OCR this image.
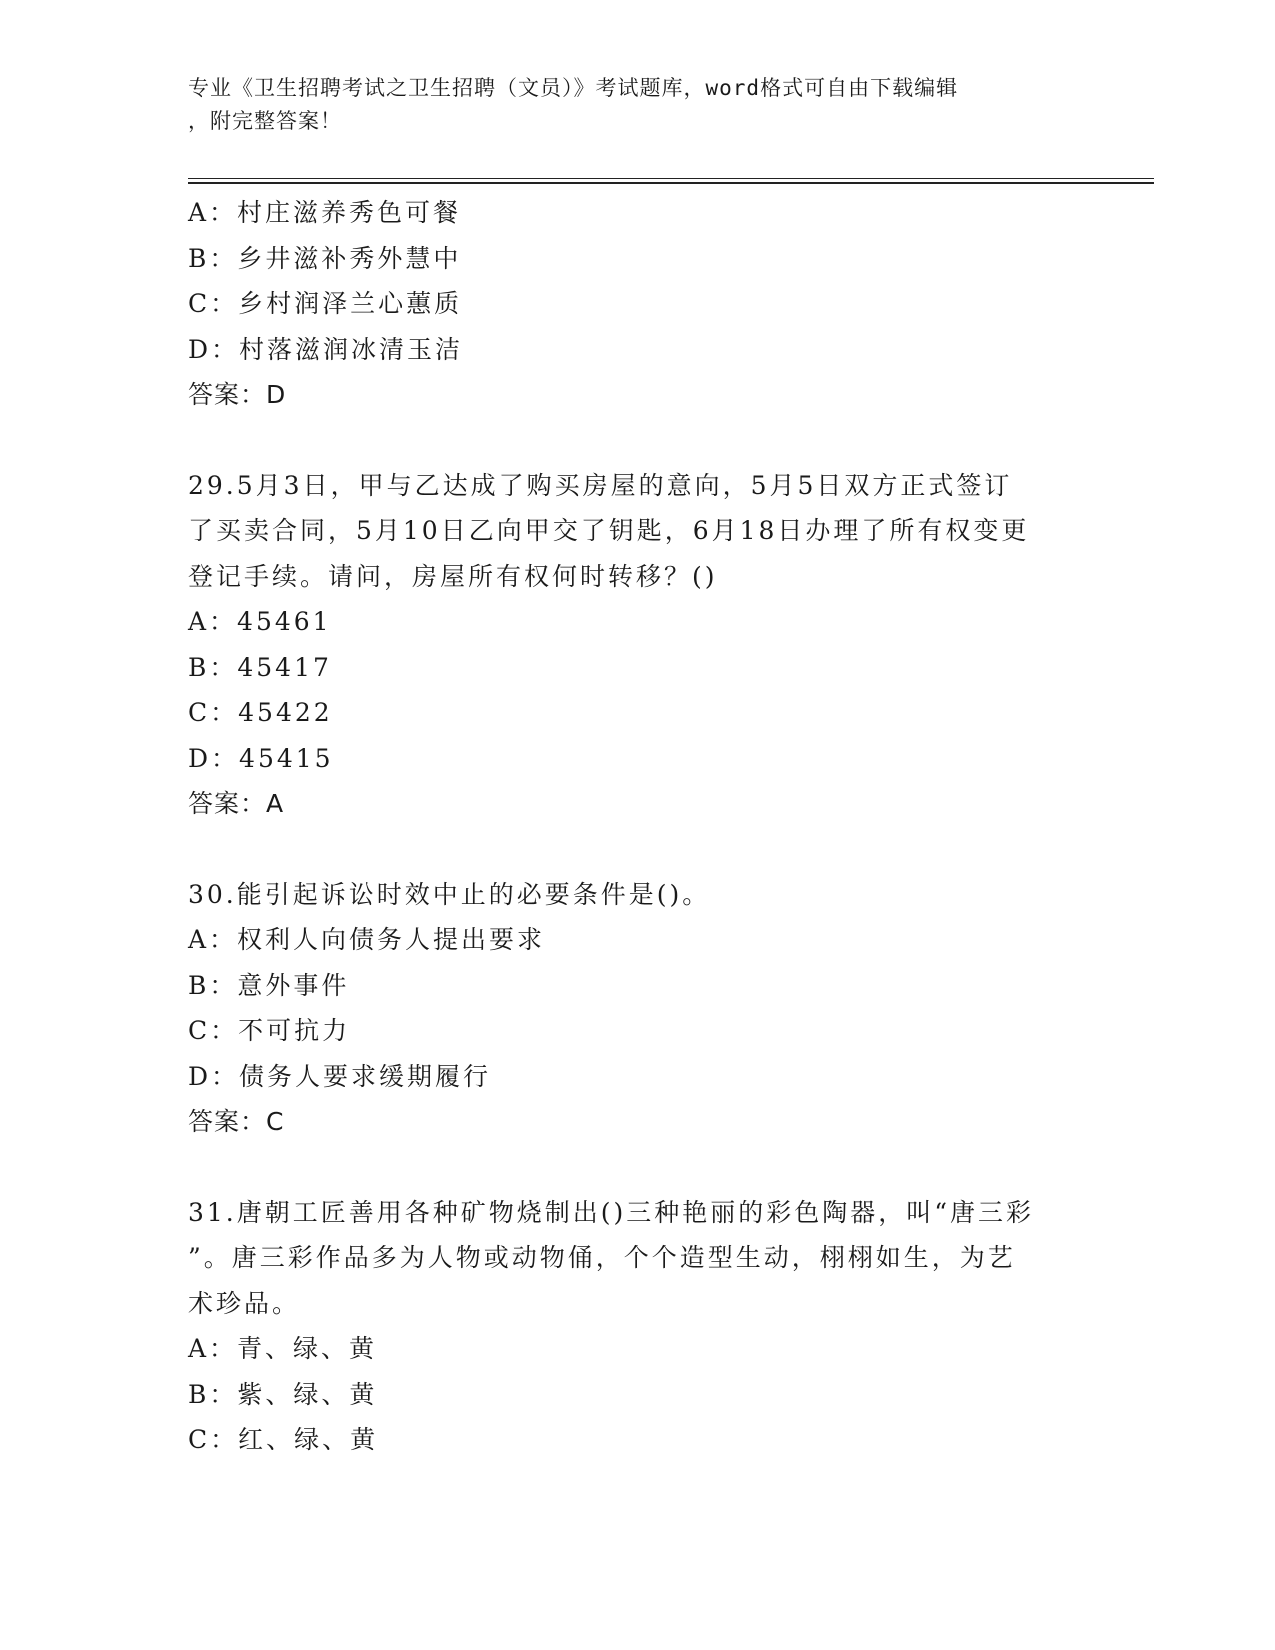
专业《卫生招聘考试之卫生招聘（文员）》考试题库，word格式可自由下载编辑
，附完整答案！
A：村庄滋养秀色可餐
B：乡井滋补秀外慧中
C：乡村润泽兰心蕙质
D：村落滋润冰清玉洁
答案：D
29.5月3日，甲与乙达成了购买房屋的意向，5月5日双方正式签订
了买卖合同，5月10日乙向甲交了钥匙，6月18日办理了所有权变更
登记手续。请问，房屋所有权何时转移？()
A：45461
B：45417
C：45422
D：45415
答案：A
30.能引起诉讼时效中止的必要条件是()。
A：权利人向债务人提出要求
B：意外事件
C：不可抗力
D：债务人要求缓期履行
答案：C
31.唐朝工匠善用各种矿物烧制出()三种艳丽的彩色陶器，叫“唐三彩
”。唐三彩作品多为人物或动物俑，个个造型生动，栩栩如生，为艺
术珍品。
A：青、绿、黄
B：紫、绿、黄
C：红、绿、黄
